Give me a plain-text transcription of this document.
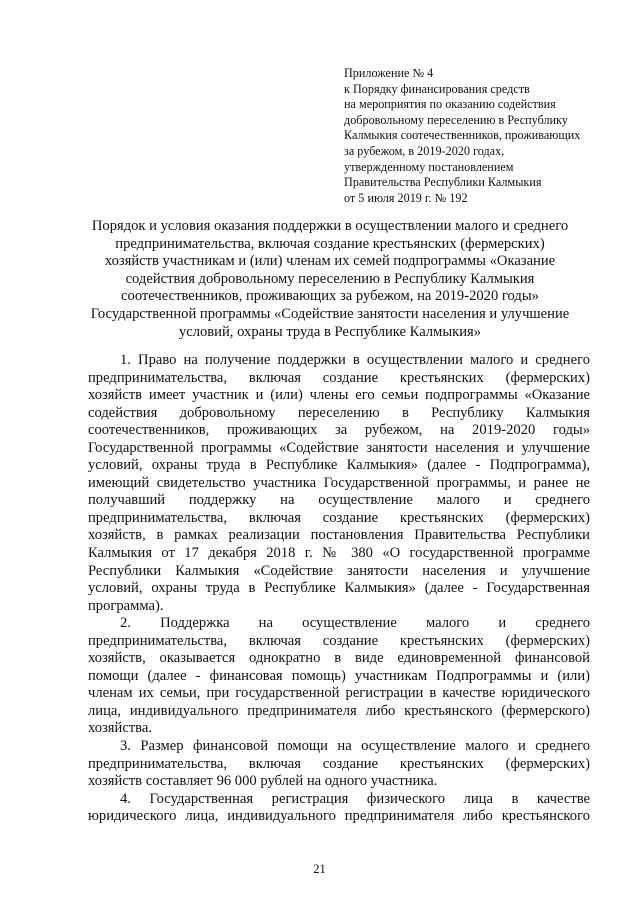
Приложение № 4
к Порядку финансирования средств
на мероприятия по оказанию содействия
добровольному переселению в Республику
Калмыкия соотечественников, проживающих
за рубежом, в 2019-2020 годах,
утвержденному постановлением
Правительства Республики Калмыкия
от 5 июля 2019 г. № 192
Порядок и условия оказания поддержки в осуществлении малого и среднего
предпринимательства, включая создание крестьянских (фермерских)
хозяйств участникам и (или) членам их семей подпрограммы «Оказание
содействия добровольному переселению в Республику Калмыкия
соотечественников, проживающих за рубежом, на 2019-2020 годы»
Государственной программы «Содействие занятости населения и улучшение
условий, охраны труда в Республике Калмыкия»
1. Право на получение поддержки в осуществлении малого и среднего
предпринимательства, включая создание крестьянских (фермерских)
хозяйств имеет участник и (или) члены его семьи подпрограммы «Оказание
содействия добровольному переселению в Республику Калмыкия
соотечественников, проживающих за рубежом, на 2019-2020 годы»
Государственной программы «Содействие занятости населения и улучшение
условий, охраны труда в Республике Калмыкия» (далее - Подпрограмма),
имеющий свидетельство участника Государственной программы, и ранее не
получавший поддержку на осуществление малого и среднего
предпринимательства, включая создание крестьянских (фермерских)
хозяйств, в рамках реализации постановления Правительства Республики
Калмыкия от 17 декабря 2018 г. № 380 «О государственной программе
Республики Калмыкия «Содействие занятости населения и улучшение
условий, охраны труда в Республике Калмыкия» (далее - Государственная
программа).
2. Поддержка на осуществление малого и среднего
предпринимательства, включая создание крестьянских (фермерских)
хозяйств, оказывается однократно в виде единовременной финансовой
помощи (далее - финансовая помощь) участникам Подпрограммы и (или)
членам их семьи, при государственной регистрации в качестве юридического
лица, индивидуального предпринимателя либо крестьянского (фермерского)
хозяйства.
3. Размер финансовой помощи на осуществление малого и среднего
предпринимательства, включая создание крестьянских (фермерских)
хозяйств составляет 96 000 рублей на одного участника.
4. Государственная регистрация физического лица в качестве
юридического лица, индивидуального предпринимателя либо крестьянского
21
